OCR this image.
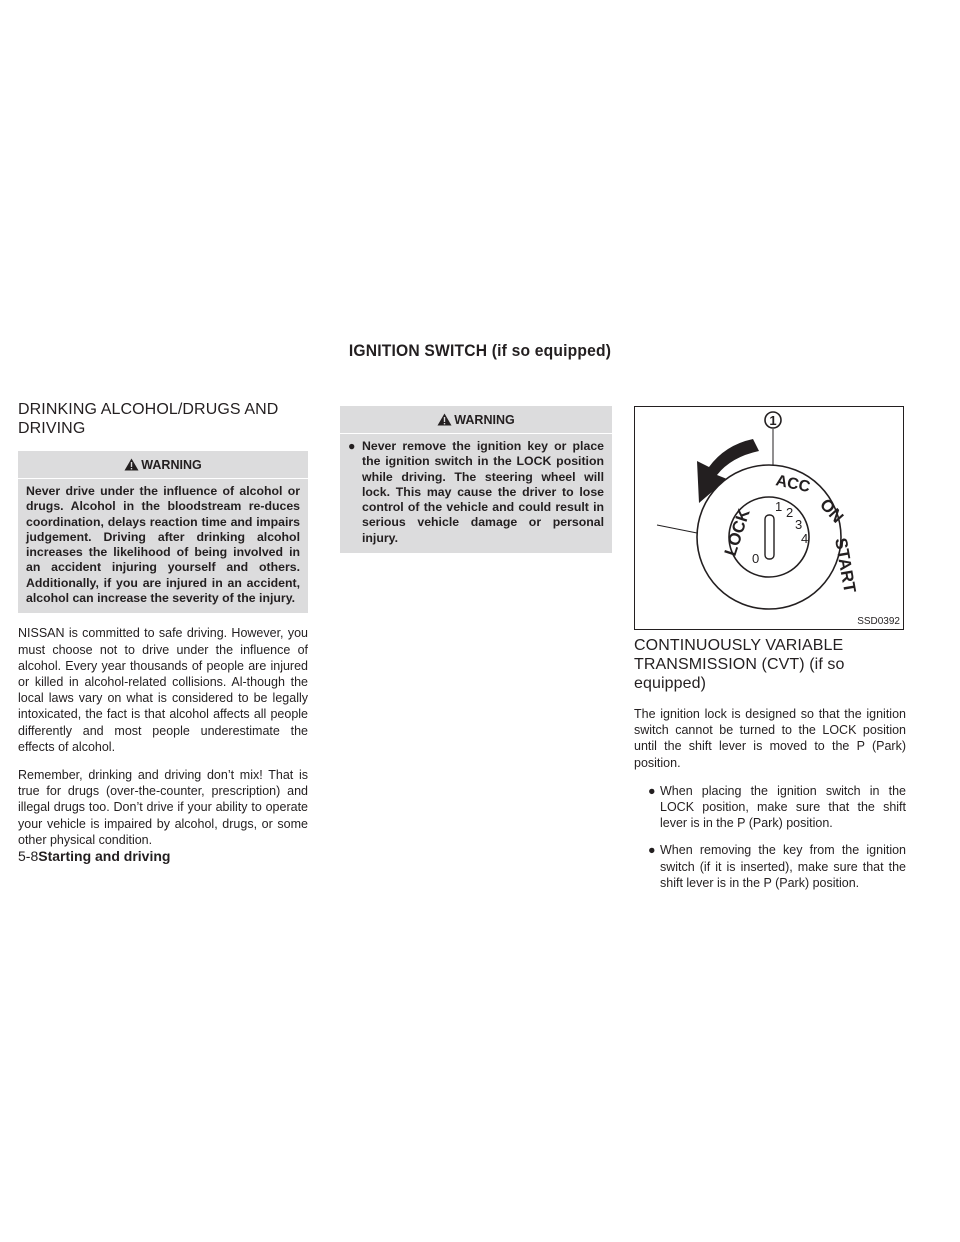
IGNITION SWITCH (if so equipped)
DRINKING ALCOHOL/DRUGS AND DRIVING
WARNING

Never drive under the influence of alcohol or drugs. Alcohol in the bloodstream re-duces coordination, delays reaction time and impairs judgement. Driving after drinking alcohol increases the likelihood of being involved in an accident injuring yourself and others. Additionally, if you are injured in an accident, alcohol can increase the severity of the injury.

NISSAN is committed to safe driving. However, you must choose not to drive under the influence of alcohol. Every year thousands of people are injured or killed in alcohol-related collisions. Al-though the local laws vary on what is considered to be legally intoxicated, the fact is that alcohol affects all people differently and most people underestimate the effects of alcohol.

Remember, drinking and driving don’t mix! That is true for drugs (over-the-counter, prescription) and illegal drugs too. Don’t drive if your ability to operate your vehicle is impaired by alcohol, drugs, or some other physical condition.

WARNING
● Never remove the ignition key or place the ignition switch in the LOCK position while driving. The steering wheel will lock. This may cause the driver to lose control of the vehicle and could result in serious vehicle damage or personal injury.
1
LOCK
ACC
ON
START
0
1 2
3
4
SSD0392
CONTINUOUSLY VARIABLE TRANSMISSION (CVT) (if so equipped)

The ignition lock is designed so that the ignition switch cannot be turned to the LOCK position until the shift lever is moved to the P (Park) position.

● When placing the ignition switch in the LOCK position, make sure that the shift lever is in the P (Park) position.
● When removing the key from the ignition switch (if it is inserted), make sure that the shift lever is in the P (Park) position.
5-8Starting and driving
